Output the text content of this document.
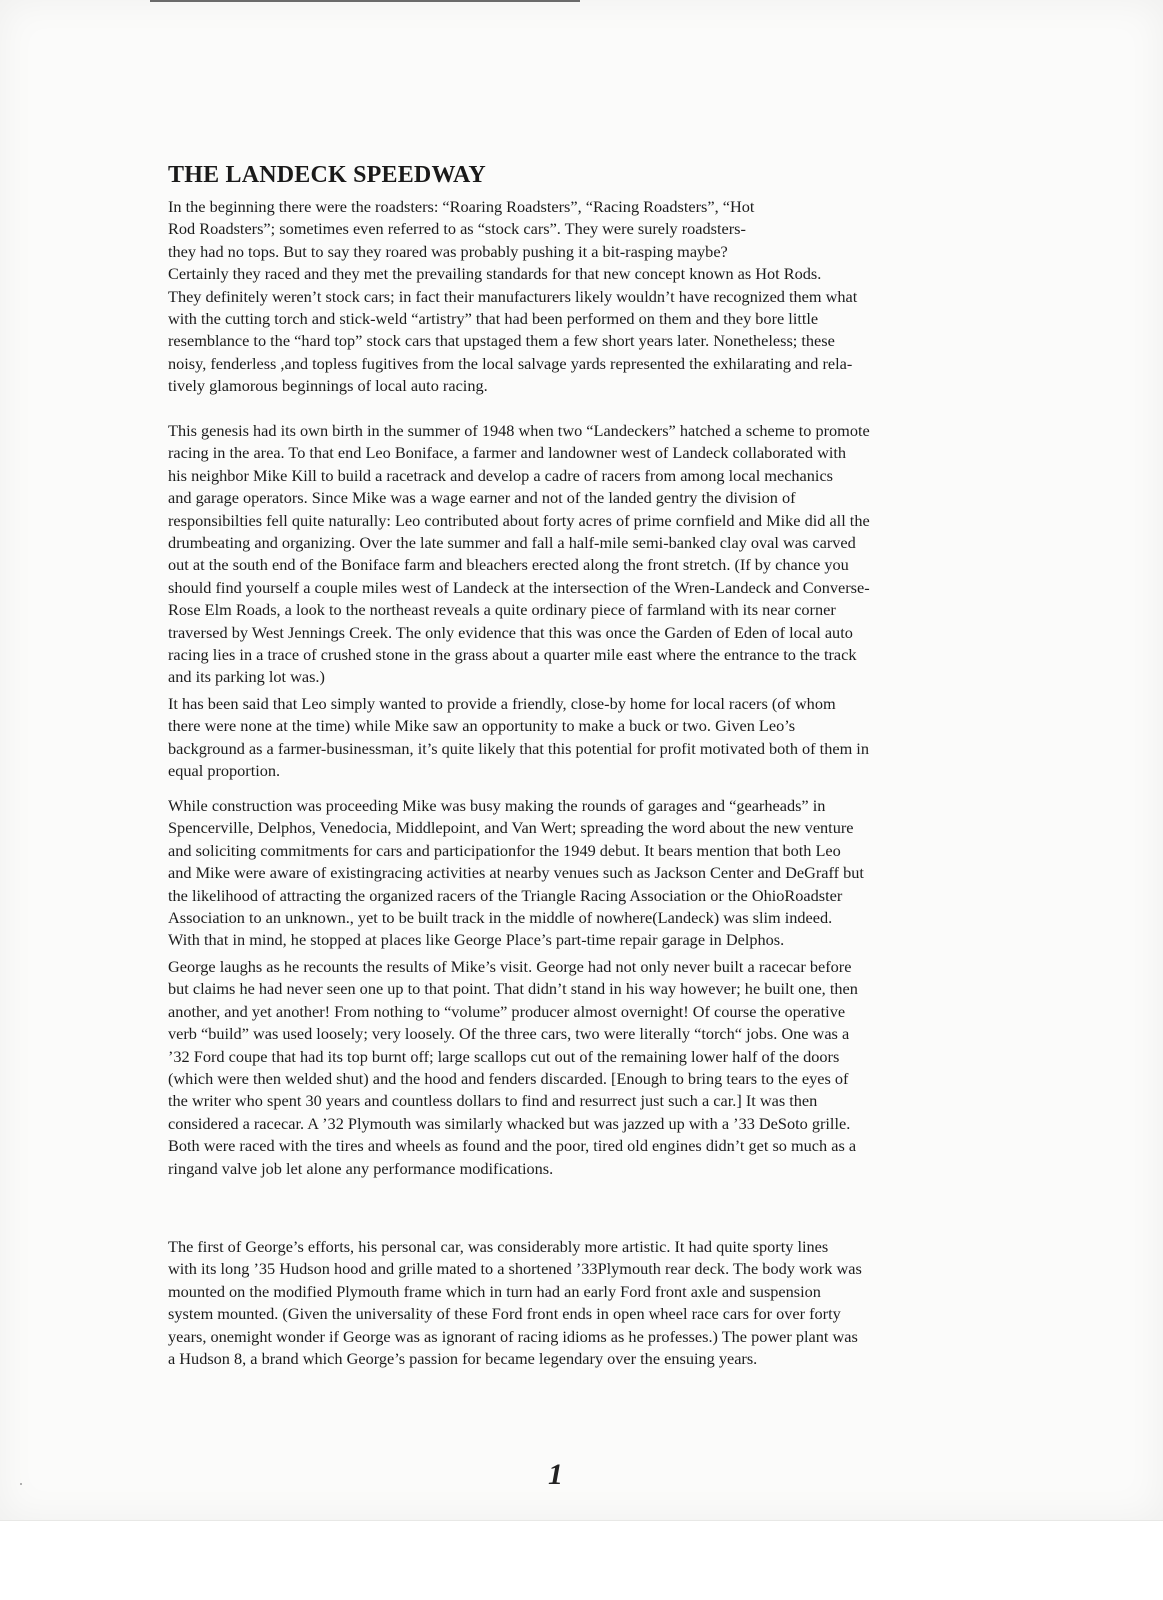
THE LANDECK SPEEDWAY

In the beginning there were the roadsters: “Roaring Roadsters”, “Racing Roadsters”, “Hot
Rod Roadsters”; sometimes even referred to as “stock cars”. They were surely roadsters-
they had no tops. But to say they roared was probably pushing it a bit-rasping maybe?
Certainly they raced and they met the prevailing standards for that new concept known as Hot Rods.
They definitely weren’t stock cars; in fact their manufacturers likely wouldn’t have recognized them what
with the cutting torch and stick-weld “artistry” that had been performed on them and they bore little
resemblance to the “hard top” stock cars that upstaged them a few short years later. Nonetheless; these
noisy, fenderless ,and topless fugitives from the local salvage yards represented the exhilarating and rela-
tively glamorous beginnings of local auto racing.

This genesis had its own birth in the summer of 1948 when two “Landeckers” hatched a scheme to promote
racing in the area. To that end Leo Boniface, a farmer and landowner west of Landeck collaborated with
his neighbor Mike Kill to build a racetrack and develop a cadre of racers from among local mechanics
and garage operators. Since Mike was a wage earner and not of the landed gentry the division of
responsibilties fell quite naturally: Leo contributed about forty acres of prime cornfield and Mike did all the
drumbeating and organizing. Over the late summer and fall a half-mile semi-banked clay oval was carved
out at the south end of the Boniface farm and bleachers erected along the front stretch. (If by chance you
should find yourself a couple miles west of Landeck at the intersection of the Wren-Landeck and Converse-
Rose Elm Roads, a look to the northeast reveals a quite ordinary piece of farmland with its near corner
traversed by West Jennings Creek. The only evidence that this was once the Garden of Eden of local auto
racing lies in a trace of crushed stone in the grass about a quarter mile east where the entrance to the track
and its parking lot was.)

It has been said that Leo simply wanted to provide a friendly, close-by home for local racers (of whom
there were none at the time) while Mike saw an opportunity to make a buck or two. Given Leo’s
background as a farmer-businessman, it’s quite likely that this potential for profit motivated both of them in
equal proportion.

While construction was proceeding Mike was busy making the rounds of garages and “gearheads” in
Spencerville, Delphos, Venedocia, Middlepoint, and Van Wert; spreading the word about the new venture
and soliciting commitments for cars and participationfor the 1949 debut. It bears mention that both Leo
and Mike were aware of existingracing activities at nearby venues such as Jackson Center and DeGraff but
the likelihood of attracting the organized racers of the Triangle Racing Association or the OhioRoadster
Association to an unknown., yet to be built track in the middle of nowhere(Landeck) was slim indeed.
With that in mind, he stopped at places like George Place’s part-time repair garage in Delphos.

George laughs as he recounts the results of Mike’s visit. George had not only never built a racecar before
but claims he had never seen one up to that point. That didn’t stand in his way however; he built one, then
another, and yet another! From nothing to “volume” producer almost overnight! Of course the operative
verb “build” was used loosely; very loosely. Of the three cars, two were literally “torch“ jobs. One was a
’32 Ford coupe that had its top burnt off; large scallops cut out of the remaining lower half of the doors
(which were then welded shut) and the hood and fenders discarded. [Enough to bring tears to the eyes of
the writer who spent 30 years and countless dollars to find and resurrect just such a car.] It was then
considered a racecar. A ’32 Plymouth was similarly whacked but was jazzed up with a ’33 DeSoto grille.
Both were raced with the tires and wheels as found and the poor, tired old engines didn’t get so much as a
ringand valve job let alone any performance modifications.

The first of George’s efforts, his personal car, was considerably more artistic. It had quite sporty lines
with its long ’35 Hudson hood and grille mated to a shortened ’33Plymouth rear deck. The body work was
mounted on the modified Plymouth frame which in turn had an early Ford front axle and suspension
system mounted. (Given the universality of these Ford front ends in open wheel race cars for over forty
years, onemight wonder if George was as ignorant of racing idioms as he professes.) The power plant was
a Hudson 8, a brand which George’s passion for became legendary over the ensuing years.

1
